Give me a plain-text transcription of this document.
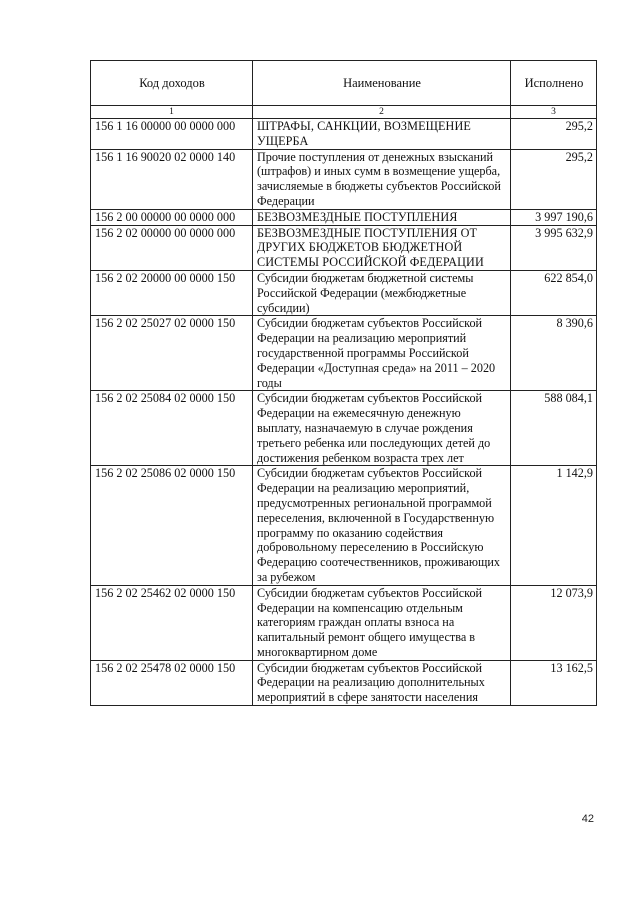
Код доходов	Наименование	Исполнено
1	2	3
156 1 16 00000 00 0000 000	ШТРАФЫ, САНКЦИИ, ВОЗМЕЩЕНИЕ УЩЕРБА	295,2
156 1 16 90020 02 0000 140	Прочие поступления от денежных взысканий (штрафов) и иных сумм в возмещение ущерба, зачисляемые в бюджеты субъектов Российской Федерации	295,2
156 2 00 00000 00 0000 000	БЕЗВОЗМЕЗДНЫЕ ПОСТУПЛЕНИЯ	3 997 190,6
156 2 02 00000 00 0000 000	БЕЗВОЗМЕЗДНЫЕ ПОСТУПЛЕНИЯ ОТ ДРУГИХ БЮДЖЕТОВ БЮДЖЕТНОЙ СИСТЕМЫ РОССИЙСКОЙ ФЕДЕРАЦИИ	3 995 632,9
156 2 02 20000 00 0000 150	Субсидии бюджетам бюджетной системы Российской Федерации (межбюджетные субсидии)	622 854,0
156 2 02 25027 02 0000 150	Субсидии бюджетам субъектов Российской Федерации на реализацию мероприятий государственной программы Российской Федерации «Доступная среда» на 2011 – 2020 годы	8 390,6
156 2 02 25084 02 0000 150	Субсидии бюджетам субъектов Российской Федерации на ежемесячную денежную выплату, назначаемую в случае рождения третьего ребенка или последующих детей до достижения ребенком возраста трех лет	588 084,1
156 2 02 25086 02 0000 150	Субсидии бюджетам субъектов Российской Федерации на реализацию мероприятий, предусмотренных региональной программой переселения, включенной в Государственную программу по оказанию содействия добровольному переселению в Российскую Федерацию соотечественников, проживающих за рубежом	1 142,9
156 2 02 25462 02 0000 150	Субсидии бюджетам субъектов Российской Федерации на компенсацию отдельным категориям граждан оплаты взноса на капитальный ремонт общего имущества в многоквартирном доме	12 073,9
156 2 02 25478 02 0000 150	Субсидии бюджетам субъектов Российской Федерации на реализацию дополнительных мероприятий в сфере занятости населения	13 162,5
42
